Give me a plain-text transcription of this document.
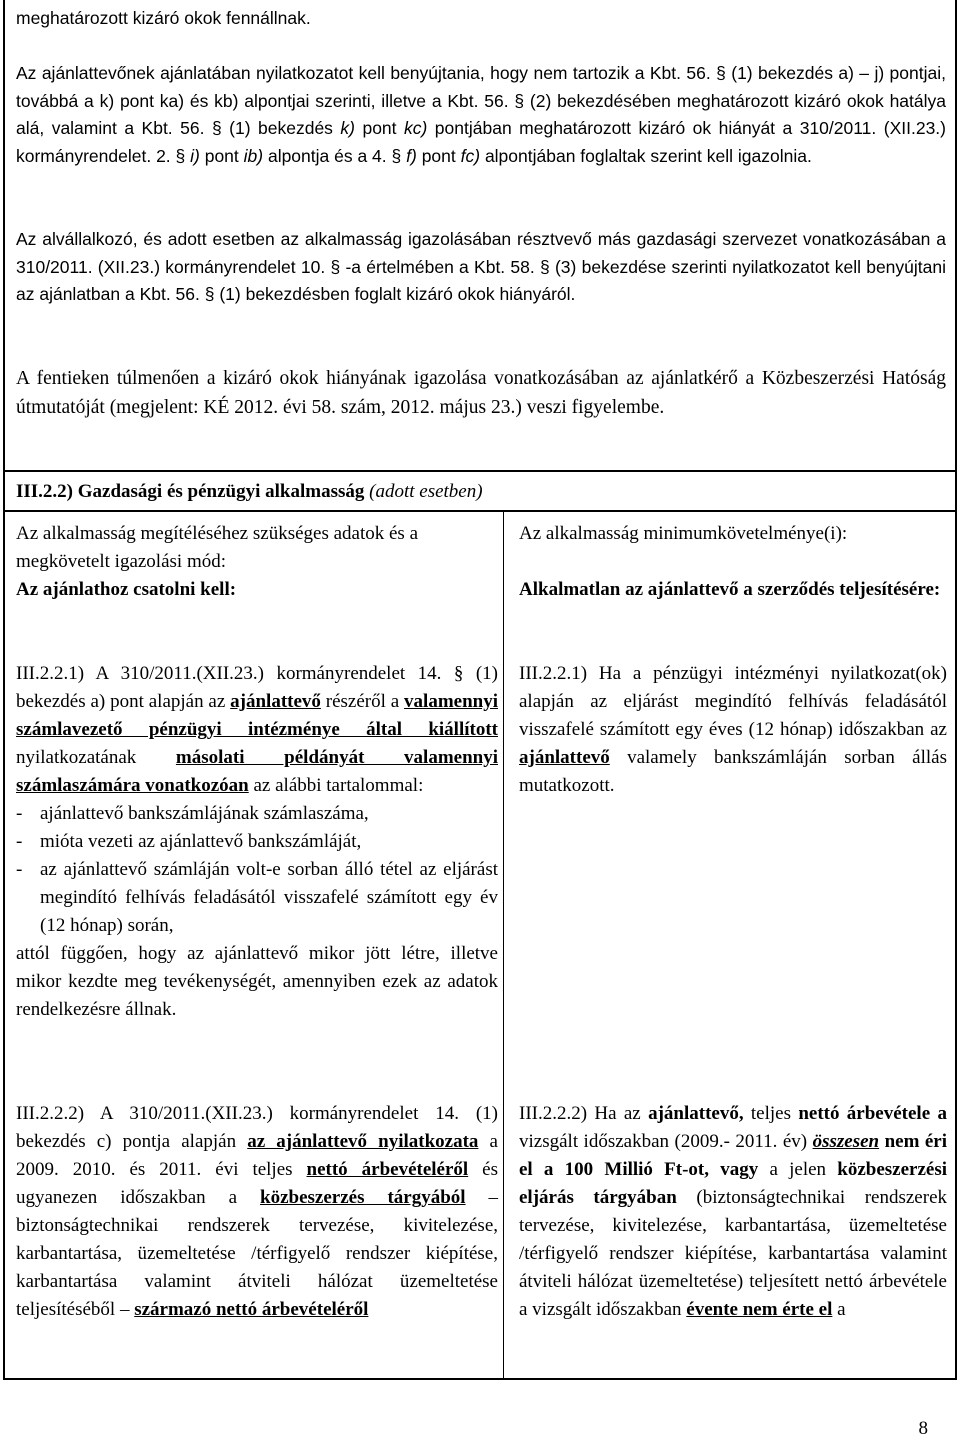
meghatározott kizáró okok fennállnak.
Az ajánlattevőnek ajánlatában nyilatkozatot kell benyújtania, hogy nem tartozik a Kbt. 56. § (1) bekezdés a) – j) pontjai, továbbá a k) pont ka) és kb) alpontjai szerinti, illetve a Kbt. 56. § (2) bekezdésében meghatározott kizáró okok hatálya alá, valamint a Kbt. 56. § (1) bekezdés k) pont kc) pontjában meghatározott kizáró ok hiányát a 310/2011. (XII.23.) kormányrendelet. 2. § i) pont ib) alpontja és a 4. § f) pont fc) alpontjában foglaltak szerint kell igazolnia.
Az alvállalkozó, és adott esetben az alkalmasság igazolásában résztvevő más gazdasági szervezet vonatkozásában a 310/2011. (XII.23.) kormányrendelet 10. § -a értelmében a Kbt. 58. § (3) bekezdése szerinti nyilatkozatot kell benyújtani az ajánlatban a Kbt. 56. § (1) bekezdésben foglalt kizáró okok hiányáról.
A fentieken túlmenően a kizáró okok hiányának igazolása vonatkozásában az ajánlatkérő a Közbeszerzési Hatóság útmutatóját (megjelent: KÉ 2012. évi 58. szám, 2012. május 23.) veszi figyelembe.
III.2.2) Gazdasági és pénzügyi alkalmasság (adott esetben)

Az alkalmasság megítéléséhez szükséges adatok és a megkövetelt igazolási mód:

Az ajánlathoz csatolni kell:

III.2.2.1) A 310/2011.(XII.23.) kormányrendelet 14. § (1) bekezdés a) pont alapján az ajánlattevő részéről a valamennyi számlavezető pénzügyi intézménye által kiállított nyilatkozatának másolati példányát valamennyi számlaszámára vonatkozóan az alábbi tartalommal:

- ajánlattevő bankszámlájának számlaszáma,
- mióta vezeti az ajánlattevő bankszámláját,
- az ajánlattevő számláján volt-e sorban álló tétel az eljárást megindító felhívás feladásától visszafelé számított egy év (12 hónap) során,

attól függően, hogy az ajánlattevő mikor jött létre, illetve mikor kezdte meg tevékenységét, amennyiben ezek az adatok rendelkezésre állnak.

III.2.2.2) A 310/2011.(XII.23.) kormányrendelet 14. (1) bekezdés c) pontja alapján az ajánlattevő nyilatkozata a 2009. 2010. és 2011. évi teljes nettó árbevételéről és ugyanezen időszakban a közbeszerzés tárgyából – biztonságtechnikai rendszerek tervezése, kivitelezése, karbantartása, üzemeltetése /térfigyelő rendszer kiépítése, karbantartása valamint átviteli hálózat üzemeltetése teljesítéséből – származó nettó árbevételéről

Az alkalmasság minimumkövetelménye(i):

Alkalmatlan az ajánlattevő a szerződés teljesítésére:

III.2.2.1) Ha a pénzügyi intézményi nyilatkozat(ok) alapján az eljárást megindító felhívás feladásától visszafelé számított egy éves (12 hónap) időszakban az ajánlattevő valamely bankszámláján sorban állás mutatkozott.
III.2.2.2) Ha az ajánlattevő, teljes nettó árbevétele a vizsgált időszakban (2009.- 2011. év) összesen nem éri el a 100 Millió Ft-ot, vagy a jelen közbeszerzési eljárás tárgyában (biztonságtechnikai rendszerek tervezése, kivitelezése, karbantartása, üzemeltetése /térfigyelő rendszer kiépítése, karbantartása valamint átviteli hálózat üzemeltetése) teljesített nettó árbevétele a vizsgált időszakban évente nem érte el a
8
